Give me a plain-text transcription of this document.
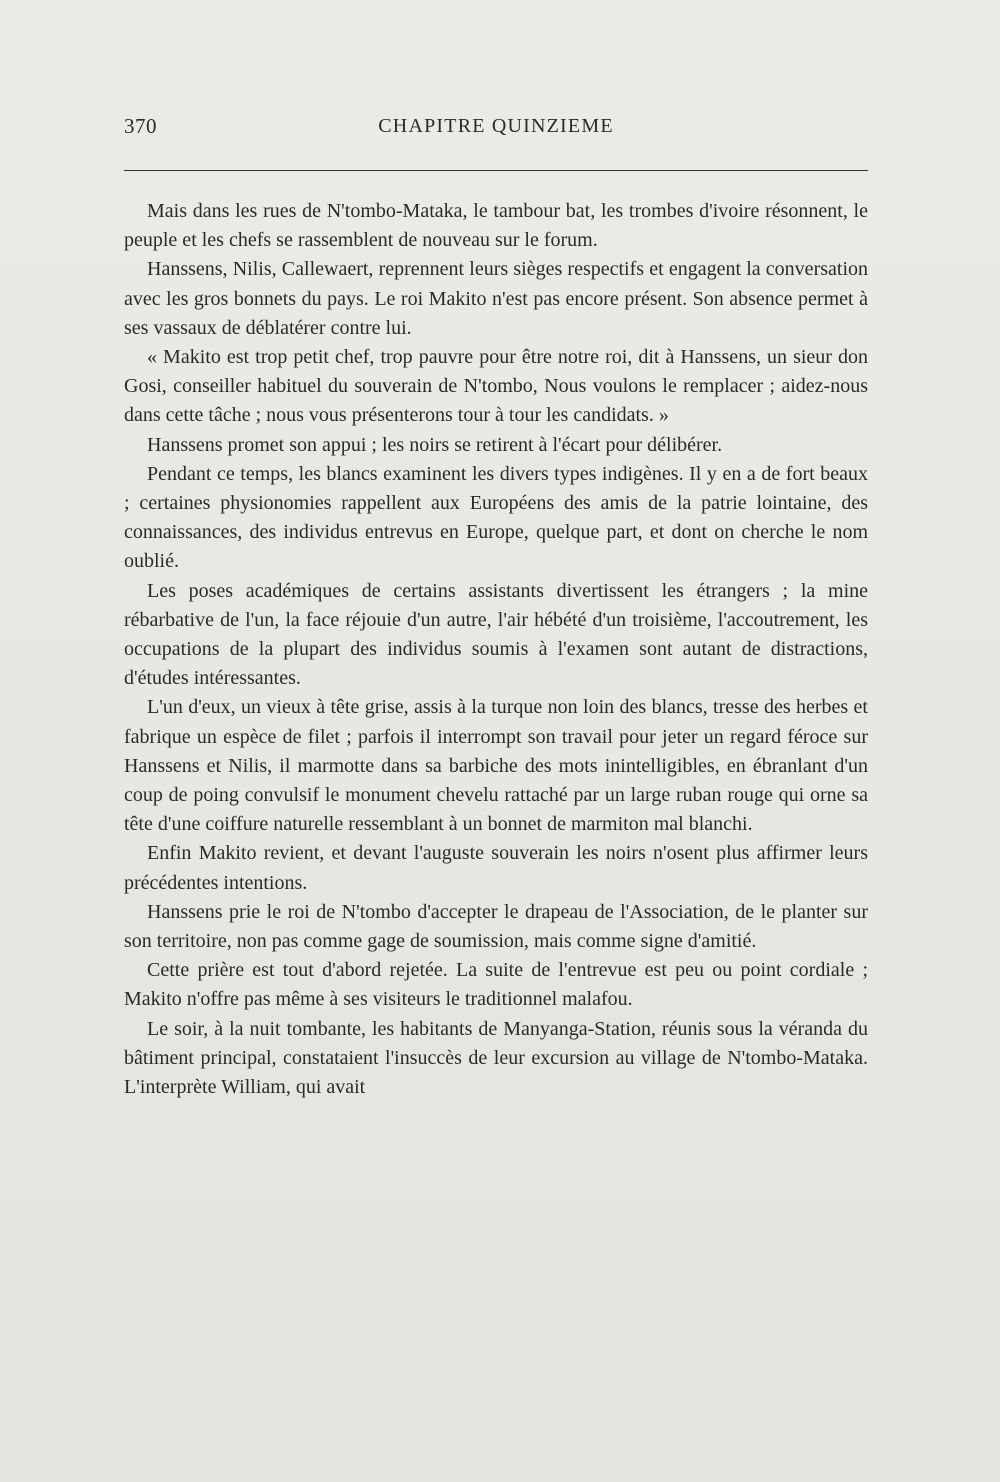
370	CHAPITRE QUINZIEME

Mais dans les rues de N'tombo-Mataka, le tambour bat, les trombes d'ivoire résonnent, le peuple et les chefs se rassemblent de nouveau sur le forum.

Hanssens, Nilis, Callewaert, reprennent leurs sièges respectifs et engagent la conversation avec les gros bonnets du pays. Le roi Makito n'est pas encore présent. Son absence permet à ses vassaux de déblatérer contre lui.

« Makito est trop petit chef, trop pauvre pour être notre roi, dit à Hanssens, un sieur don Gosi, conseiller habituel du souverain de N'tombo, Nous voulons le remplacer ; aidez-nous dans cette tâche ; nous vous présenterons tour à tour les candidats. »

Hanssens promet son appui ; les noirs se retirent à l'écart pour délibérer.

Pendant ce temps, les blancs examinent les divers types indigènes. Il y en a de fort beaux ; certaines physionomies rappellent aux Européens des amis de la patrie lointaine, des connaissances, des individus entrevus en Europe, quelque part, et dont on cherche le nom oublié.

Les poses académiques de certains assistants divertissent les étrangers ; la mine rébarbative de l'un, la face réjouie d'un autre, l'air hébété d'un troisième, l'accoutrement, les occupations de la plupart des individus soumis à l'examen sont autant de distractions, d'études intéressantes.

L'un d'eux, un vieux à tête grise, assis à la turque non loin des blancs, tresse des herbes et fabrique un espèce de filet ; parfois il interrompt son travail pour jeter un regard féroce sur Hanssens et Nilis, il marmotte dans sa barbiche des mots inintelligibles, en ébranlant d'un coup de poing convulsif le monument chevelu rattaché par un large ruban rouge qui orne sa tête d'une coiffure naturelle ressemblant à un bonnet de marmiton mal blanchi.

Enfin Makito revient, et devant l'auguste souverain les noirs n'osent plus affirmer leurs précédentes intentions.

Hanssens prie le roi de N'tombo d'accepter le drapeau de l'Association, de le planter sur son territoire, non pas comme gage de soumission, mais comme signe d'amitié.

Cette prière est tout d'abord rejetée. La suite de l'entrevue est peu ou point cordiale ; Makito n'offre pas même à ses visiteurs le traditionnel malafou.

Le soir, à la nuit tombante, les habitants de Manyanga-Station, réunis sous la véranda du bâtiment principal, constataient l'insuccès de leur excursion au village de N'tombo-Mataka. L'interprète William, qui avait
